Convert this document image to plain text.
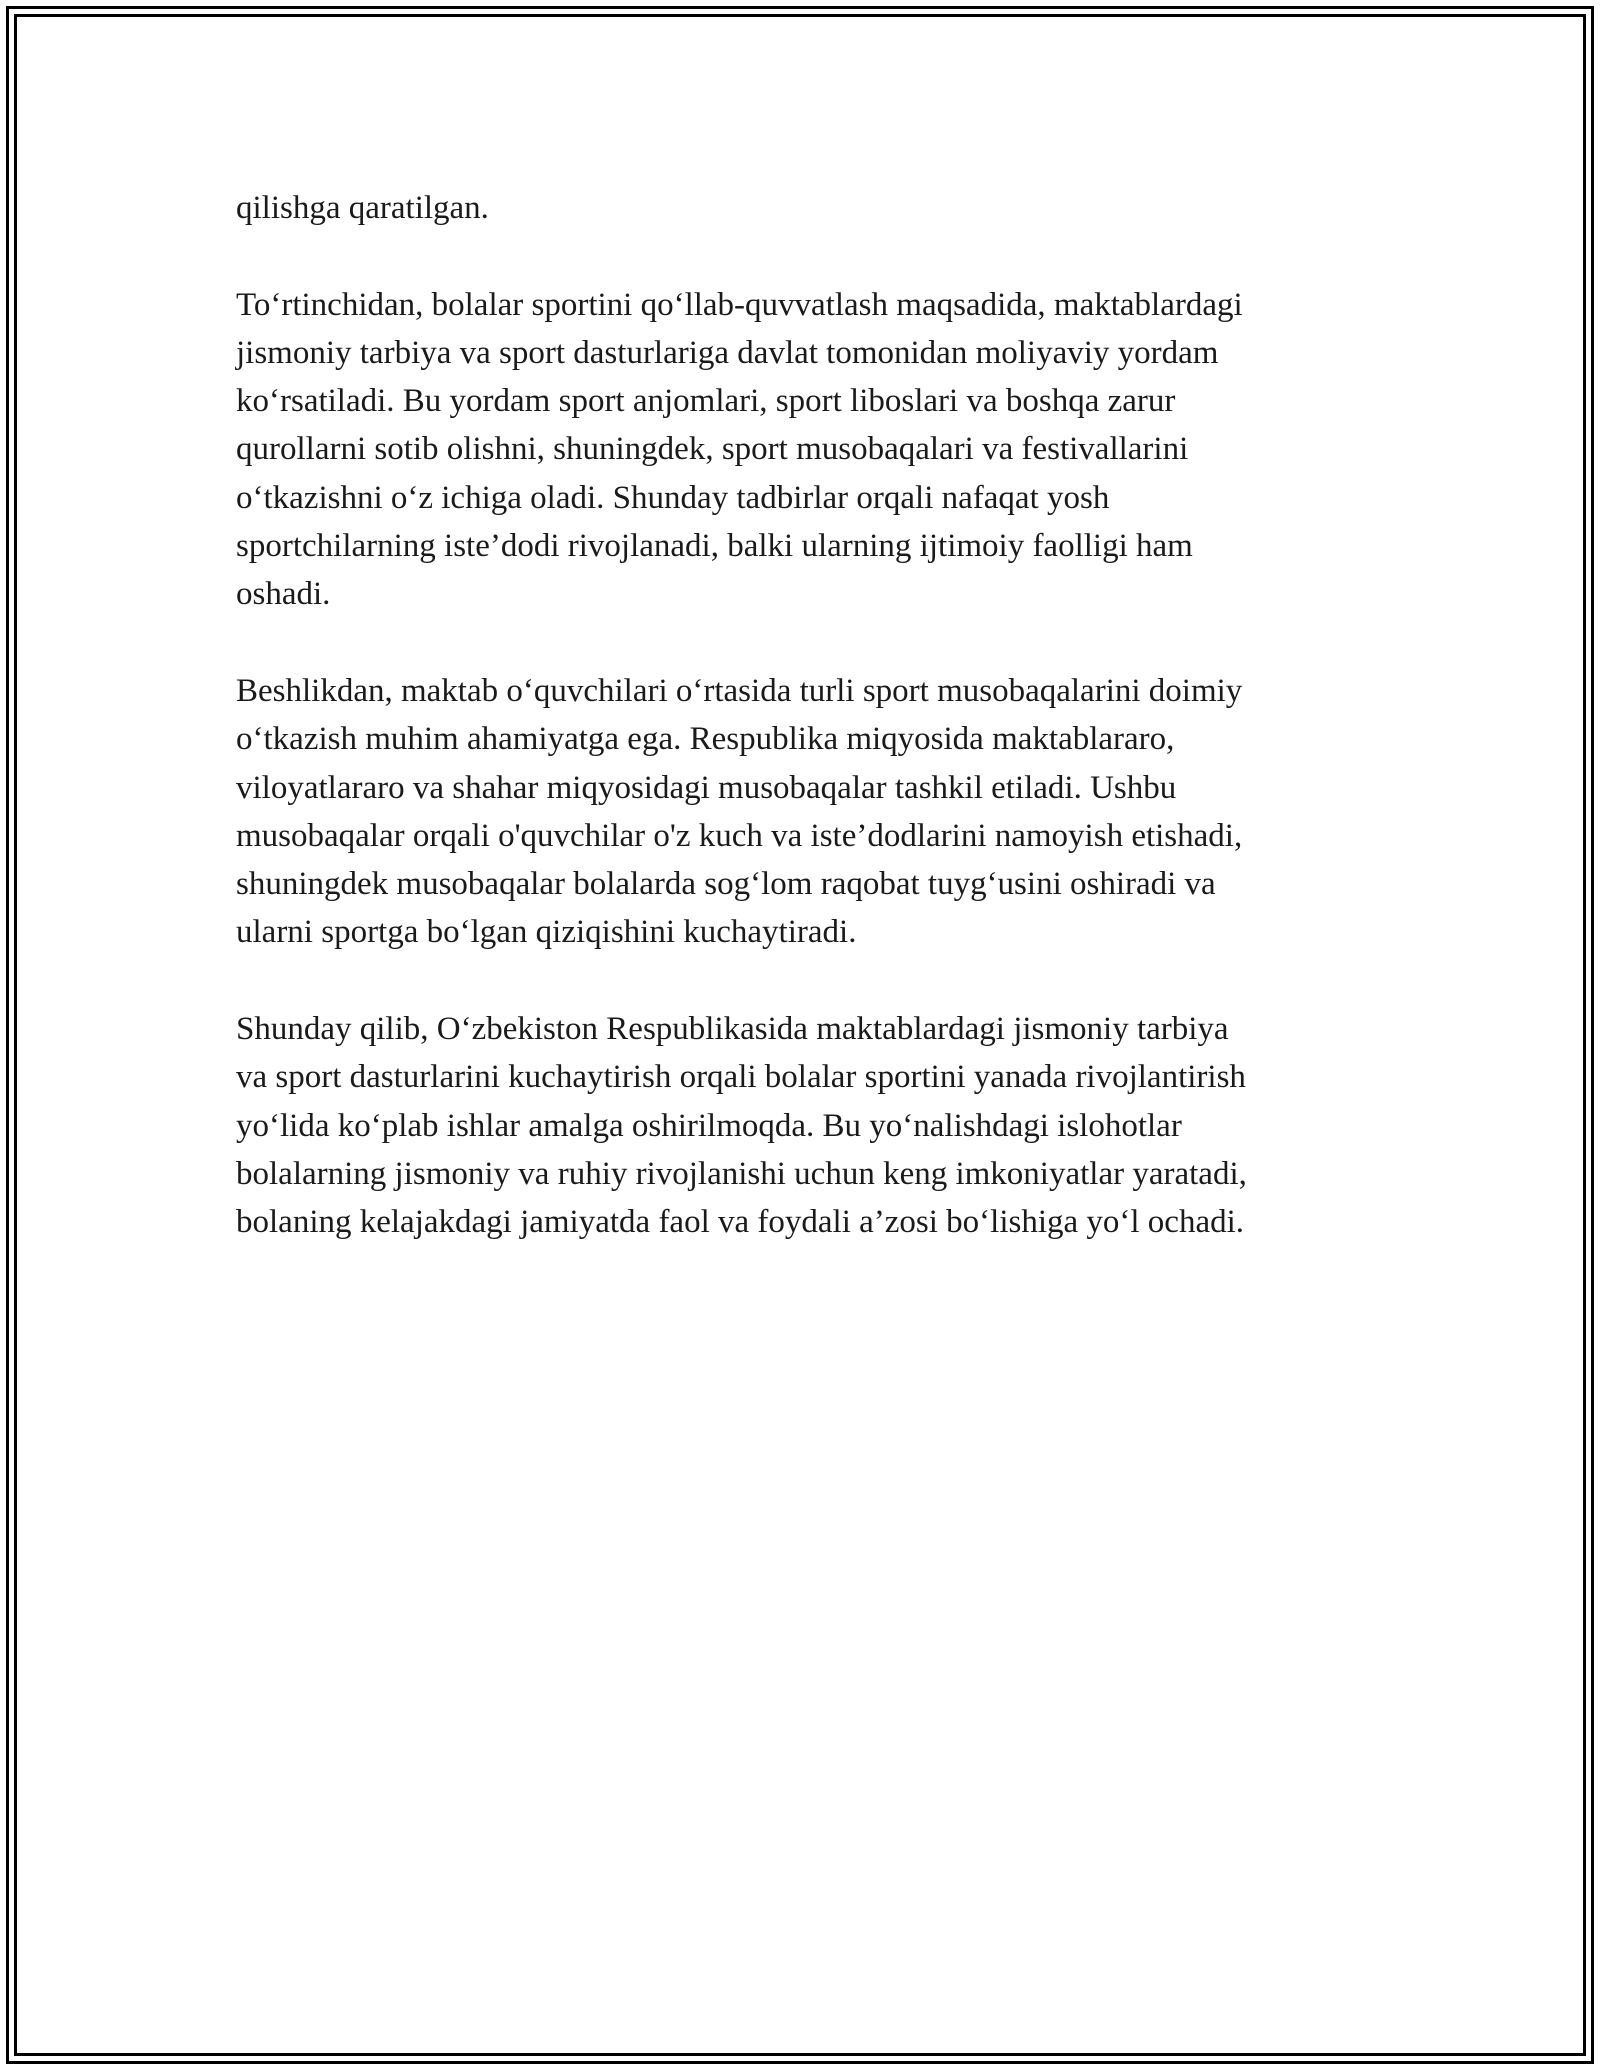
qilishga qaratilgan.

To‘rtinchidan, bolalar sportini qo‘llab-quvvatlash maqsadida, maktablardagi
jismoniy tarbiya va sport dasturlariga davlat tomonidan moliyaviy yordam
ko‘rsatiladi. Bu yordam sport anjomlari, sport liboslari va boshqa zarur
qurollarni sotib olishni, shuningdek, sport musobaqalari va festivallarini
o‘tkazishni o‘z ichiga oladi. Shunday tadbirlar orqali nafaqat yosh
sportchilarning iste’dodi rivojlanadi, balki ularning ijtimoiy faolligi ham
oshadi.

Beshlikdan, maktab o‘quvchilari o‘rtasida turli sport musobaqalarini doimiy
o‘tkazish muhim ahamiyatga ega. Respublika miqyosida maktablararo,
viloyatlararo va shahar miqyosidagi musobaqalar tashkil etiladi. Ushbu
musobaqalar orqali o'quvchilar o'z kuch va iste’dodlarini namoyish etishadi,
shuningdek musobaqalar bolalarda sog‘lom raqobat tuyg‘usini oshiradi va
ularni sportga bo‘lgan qiziqishini kuchaytiradi.

Shunday qilib, O‘zbekiston Respublikasida maktablardagi jismoniy tarbiya
va sport dasturlarini kuchaytirish orqali bolalar sportini yanada rivojlantirish
yo‘lida ko‘plab ishlar amalga oshirilmoqda. Bu yo‘nalishdagi islohotlar
bolalarning jismoniy va ruhiy rivojlanishi uchun keng imkoniyatlar yaratadi,
bolaning kelajakdagi jamiyatda faol va foydali a’zosi bo‘lishiga yo‘l ochadi.
